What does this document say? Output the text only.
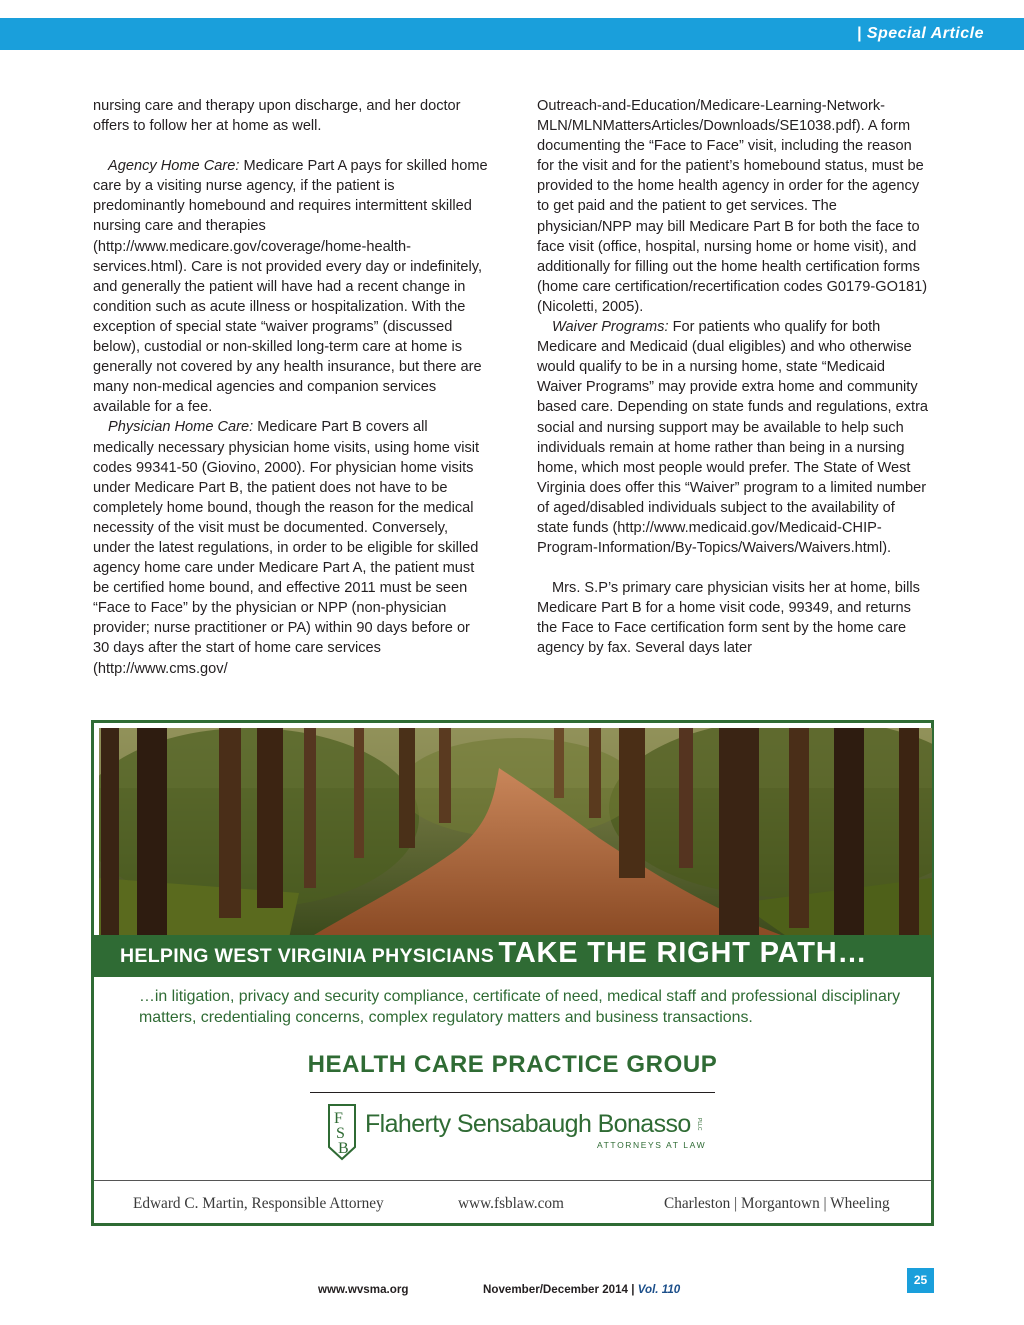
| Special Article

nursing care and therapy upon discharge, and her doctor offers to follow her at home as well.

Agency Home Care: Medicare Part A pays for skilled home care by a visiting nurse agency, if the patient is predominantly homebound and requires intermittent skilled nursing care and therapies (http://www.medicare.gov/coverage/home-health-services.html). Care is not provided every day or indefinitely, and generally the patient will have had a recent change in condition such as acute illness or hospitalization. With the exception of special state “waiver programs” (discussed below), custodial or non-skilled long-term care at home is generally not covered by any health insurance, but there are many non-medical agencies and companion services available for a fee.

Physician Home Care: Medicare Part B covers all medically necessary physician home visits, using home visit codes 99341-50 (Giovino, 2000). For physician home visits under Medicare Part B, the patient does not have to be completely home bound, though the reason for the medical necessity of the visit must be documented. Conversely, under the latest regulations, in order to be eligible for skilled agency home care under Medicare Part A, the patient must be certified home bound, and effective 2011 must be seen “Face to Face” by the physician or NPP (non-physician provider; nurse practitioner or PA) within 90 days before or 30 days after the start of home care services (http://www.cms.gov/

Outreach-and-Education/Medicare-Learning-Network-MLN/MLNMattersArticles/Downloads/SE1038.pdf). A form documenting the “Face to Face” visit, including the reason for the visit and for the patient’s homebound status, must be provided to the home health agency in order for the agency to get paid and the patient to get services. The physician/NPP may bill Medicare Part B for both the face to face visit (office, hospital, nursing home or home visit), and additionally for filling out the home health certification forms (home care certification/recertification codes G0179-GO181) (Nicoletti, 2005).

Waiver Programs: For patients who qualify for both Medicare and Medicaid (dual eligibles) and who otherwise would qualify to be in a nursing home, state “Medicaid Waiver Programs” may provide extra home and community based care. Depending on state funds and regulations, extra social and nursing support may be available to help such individuals remain at home rather than being in a nursing home, which most people would prefer. The State of West Virginia does offer this “Waiver” program to a limited number of aged/disabled individuals subject to the availability of state funds (http://www.medicaid.gov/Medicaid-CHIP-Program-Information/By-Topics/Waivers/Waivers.html).

Mrs. S.P’s primary care physician visits her at home, bills Medicare Part B for a home visit code, 99349, and returns the Face to Face certification form sent by the home care agency by fax. Several days later

HELPING WEST VIRGINIA PHYSICIANS TAKE THE RIGHT PATH…
…in litigation, privacy and security compliance, certificate of need, medical staff and professional disciplinary matters, credentialing concerns, complex regulatory matters and business transactions.
HEALTH CARE PRACTICE GROUP
F
S
B
Flaherty Sensabaugh Bonasso PLLC
ATTORNEYS AT LAW
Edward C. Martin, Responsible Attorney	www.fsblaw.com	Charleston | Morgantown | Wheeling
www.wvsma.org	November/December 2014 | Vol. 110
25
